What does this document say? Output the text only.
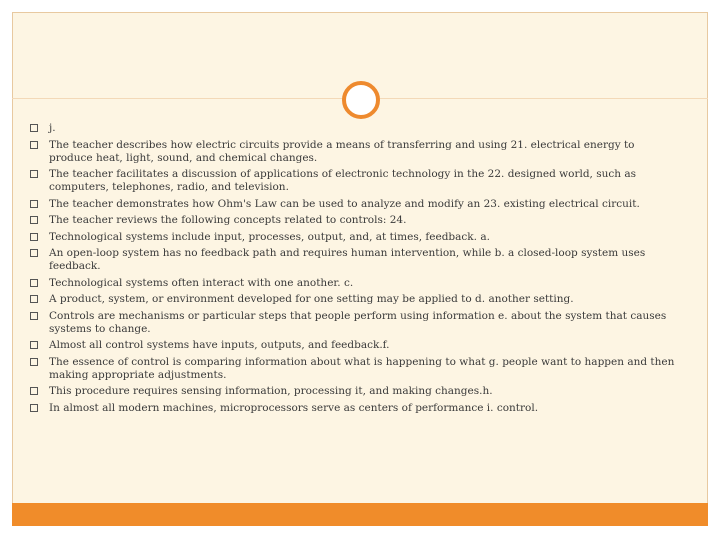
j.
The teacher describes how electric circuits provide a means of transferring and using 21. electrical energy to produce heat, light, sound, and chemical changes.
The teacher facilitates a discussion of applications of electronic technology in the 22. designed world, such as computers, telephones, radio, and television.
The teacher demonstrates how Ohm's Law can be used to analyze and modify an 23. existing electrical circuit.
The teacher reviews the following concepts related to controls: 24.
Technological systems include input, processes, output, and, at times, feedback. a.
An open-loop system has no feedback path and requires human intervention, while b. a closed-loop system uses feedback.
Technological systems often interact with one another. c.
A product, system, or environment developed for one setting may be applied to d. another setting.
Controls are mechanisms or particular steps that people perform using information e. about the system that causes systems to change.
Almost all control systems have inputs, outputs, and feedback.f.
The essence of control is comparing information about what is happening to what g. people want to happen and then making appropriate adjustments.
This procedure requires sensing information, processing it, and making changes.h.
In almost all modern machines, microprocessors serve as centers of performance i. control.
